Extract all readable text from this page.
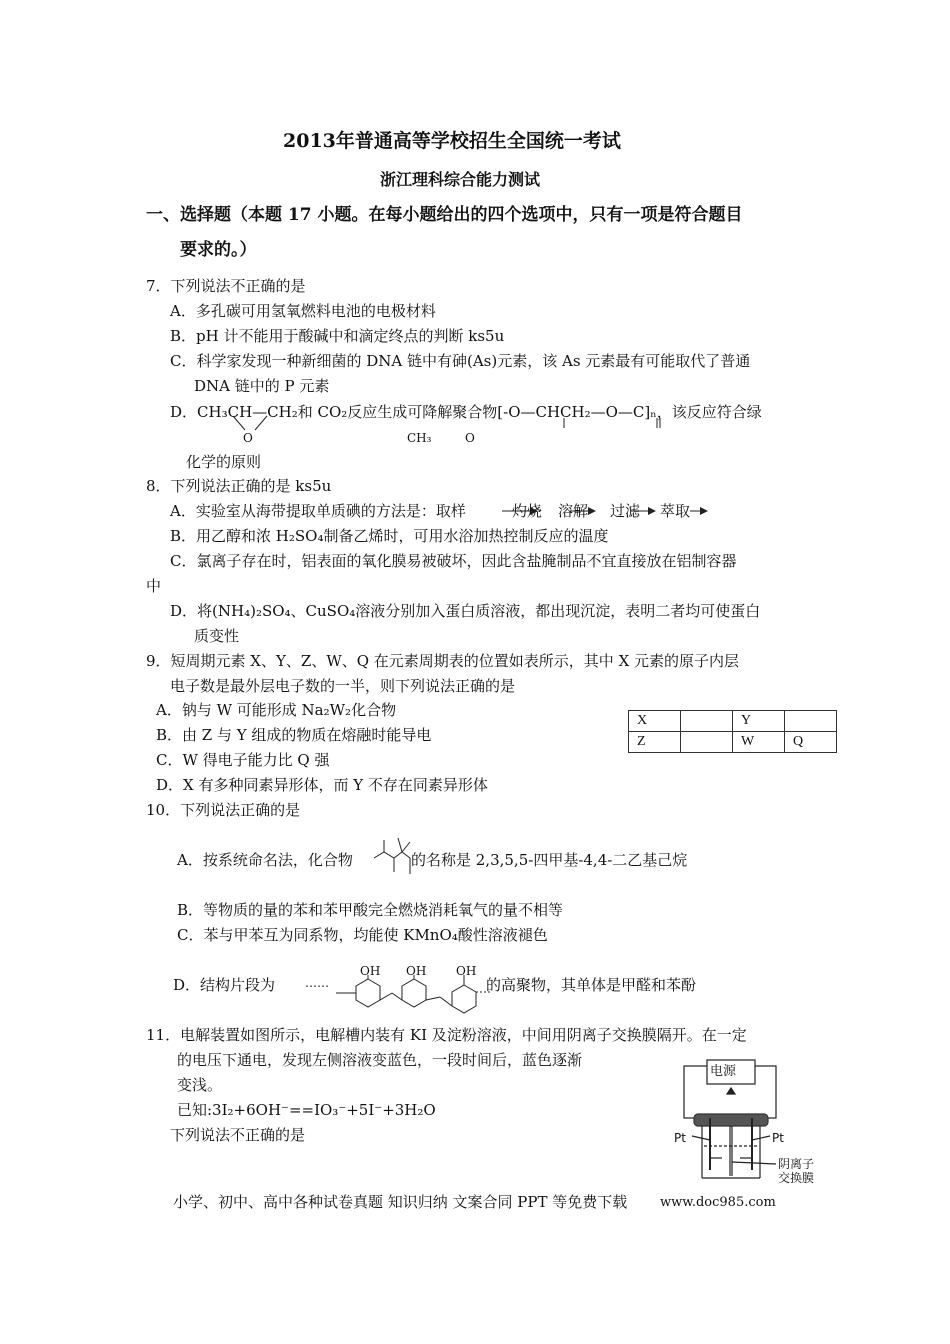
2013年普通高等学校招生全国统一考试
浙江理科综合能力测试
一、选择题（本题 17 小题。在每小题给出的四个选项中，只有一项是符合题目
要求的。）
7．下列说法不正确的是
A．多孔碳可用氢氧燃料电池的电极材料
B．pH 计不能用于酸碱中和滴定终点的判断 ks5u
C．科学家发现一种新细菌的 DNA 链中有砷(As)元素，该 As 元素最有可能取代了普通
DNA 链中的 P 元素
D．CH₃CH—CH₂和 CO₂反应生成可降解聚合物[-O—CHCH₂—O—C]ₙ，该反应符合绿
O	CH₃	O
化学的原则
8．下列说法正确的是 ks5u
A．实验室从海带提取单质碘的方法是：取样	灼烧 溶解 过滤 萃取
B．用乙醇和浓 H₂SO₄制备乙烯时，可用水浴加热控制反应的温度
C．氯离子存在时，铝表面的氧化膜易被破坏，因此含盐腌制品不宜直接放在铝制容器
中
D．将(NH₄)₂SO₄、CuSO₄溶液分别加入蛋白质溶液，都出现沉淀，表明二者均可使蛋白
质变性
9．短周期元素 X、Y、Z、W、Q 在元素周期表的位置如表所示，其中 X 元素的原子内层
电子数是最外层电子数的一半，则下列说法正确的是
A．钠与 W 可能形成 Na₂W₂化合物
B．由 Z 与 Y 组成的物质在熔融时能导电
C．W 得电子能力比 Q 强
D．X 有多种同素异形体，而 Y 不存在同素异形体
X		Y	
Z		W	Q
10．下列说法正确的是
A．按系统命名法，化合物	的名称是 2,3,5,5-四甲基-4,4-二乙基己烷
B．等物质的量的苯和苯甲酸完全燃烧消耗氧气的量不相等
C．苯与甲苯互为同系物，均能使 KMnO₄酸性溶液褪色
D．结构片段为 ……
OH OH OH
的高聚物，其单体是甲醛和苯酚
11．电解装置如图所示，电解槽内装有 KI 及淀粉溶液，中间用阴离子交换膜隔开。在一定
的电压下通电，发现左侧溶液变蓝色，一段时间后，蓝色逐渐
变浅。
已知:3I₂+6OH⁻==IO₃⁻+5I⁻+3H₂O
下列说法不正确的是
电源
Pt	Pt
阴离子
交换膜
小学、初中、高中各种试卷真题 知识归纳 文案合同 PPT 等免费下载	www.doc985.com
